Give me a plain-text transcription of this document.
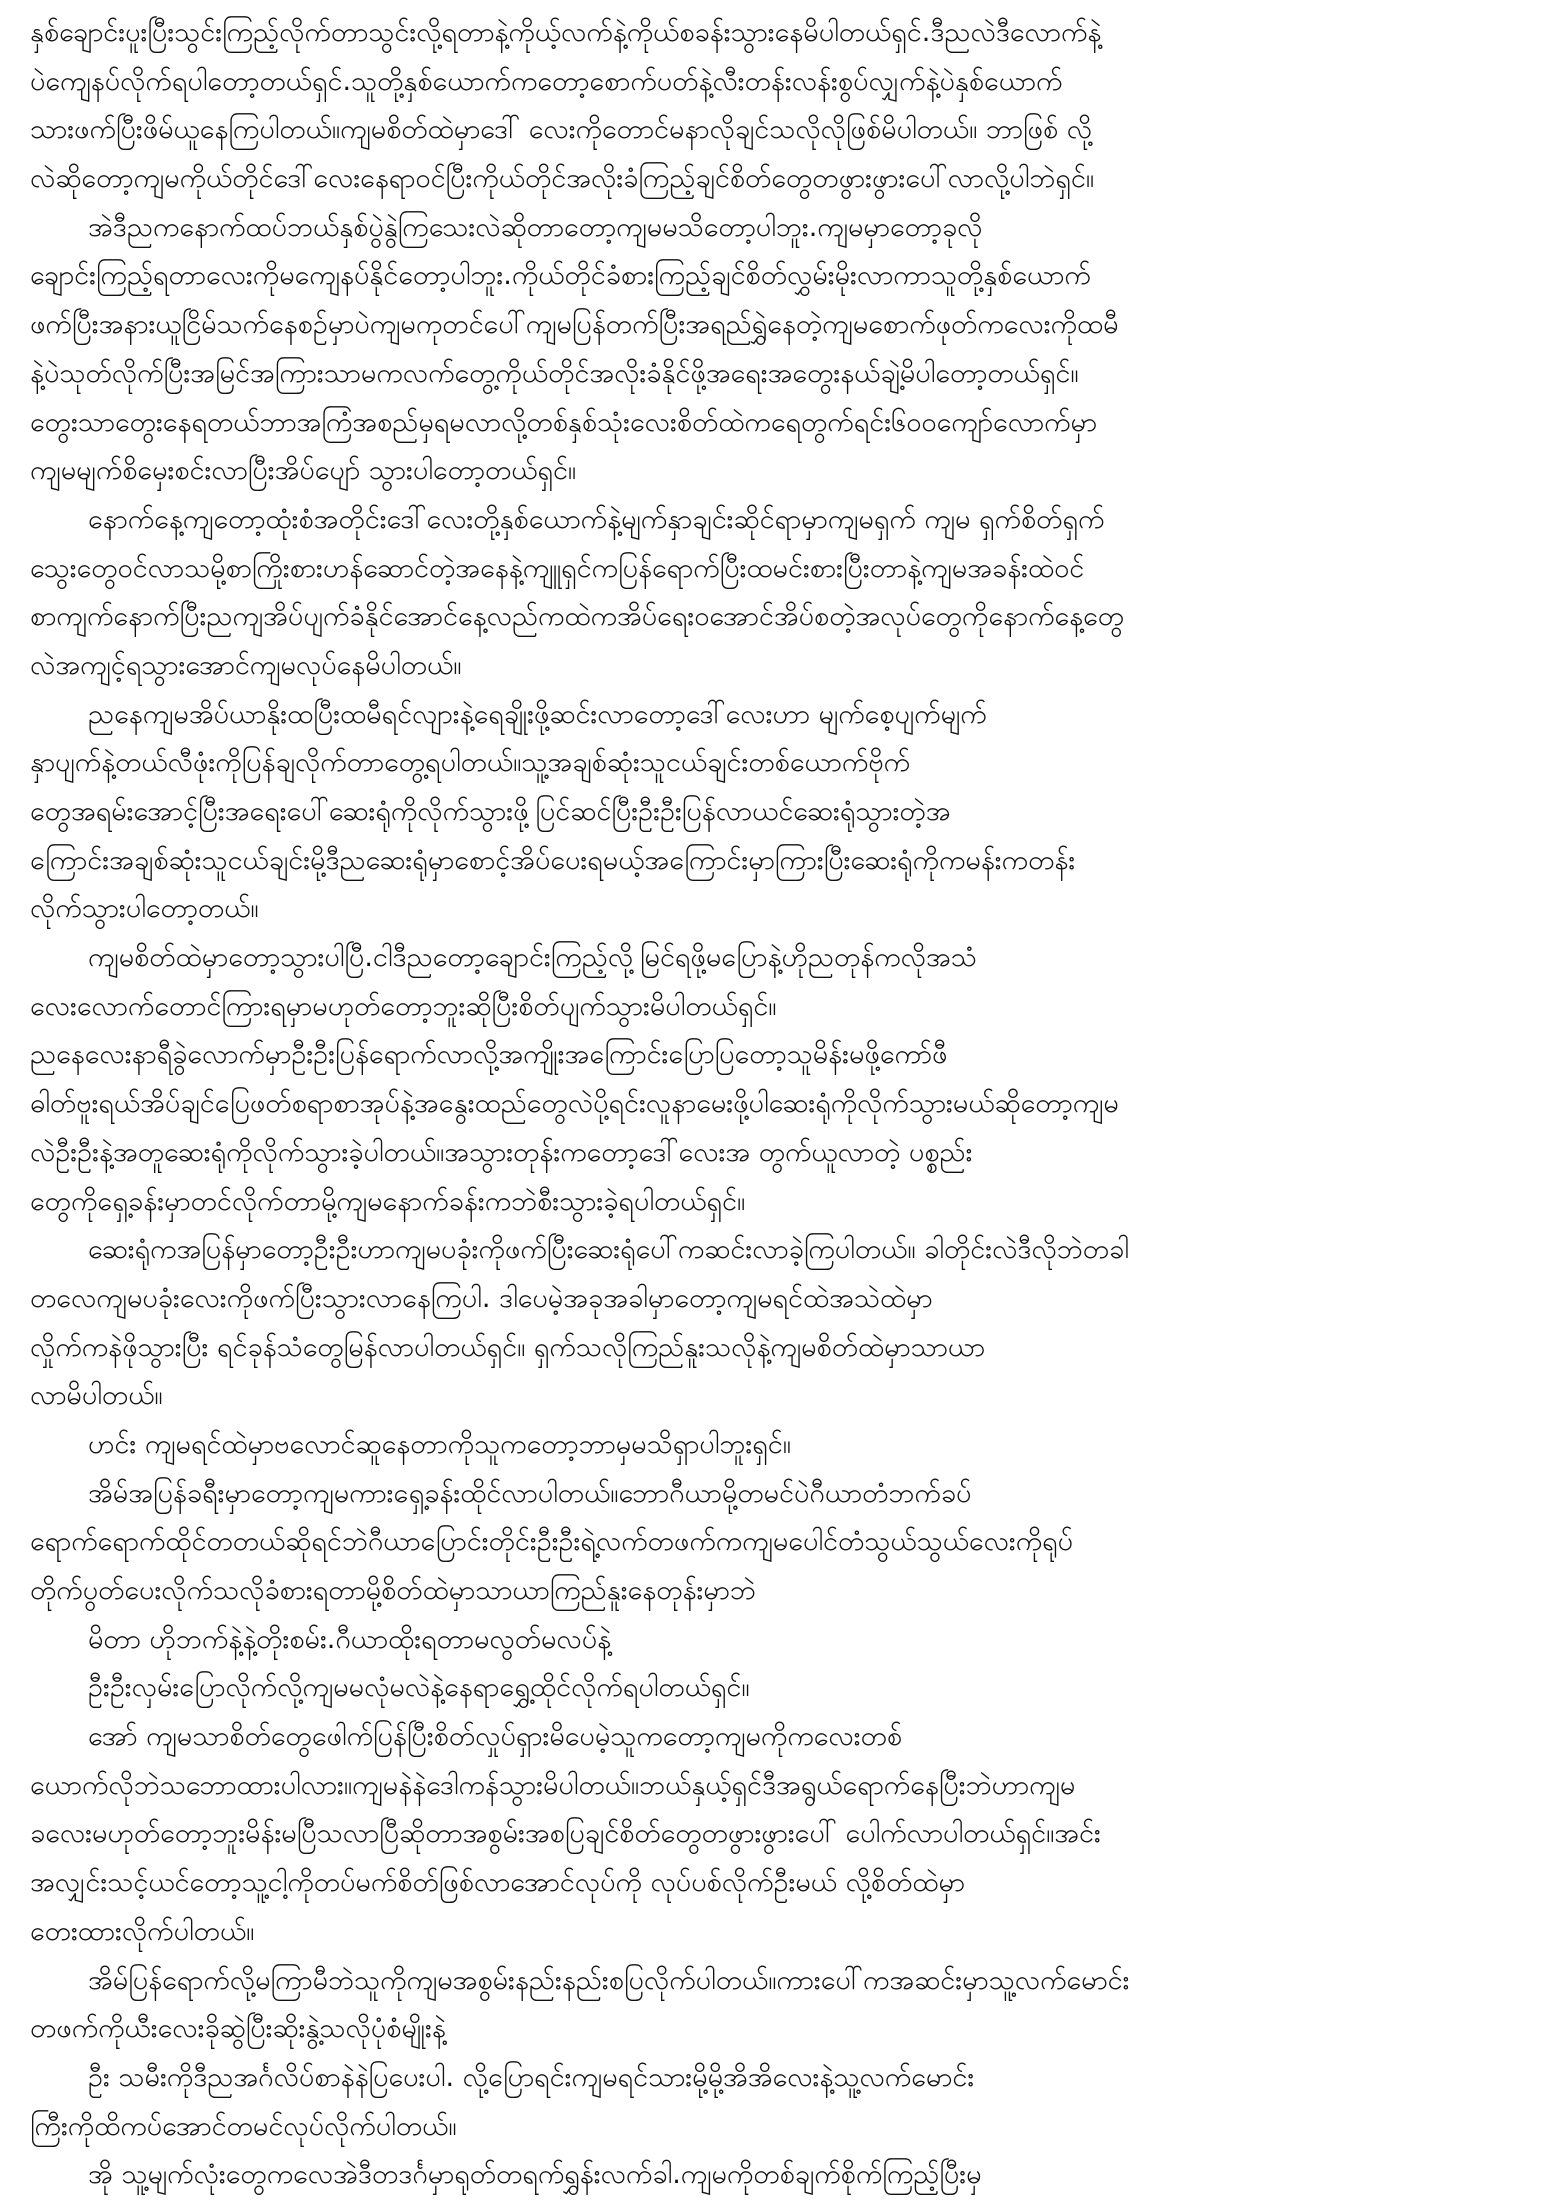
နှစ်ချောင်းပူးပြီးသွင်းကြည့်လိုက်တာသွင်းလို့ရတာနဲ့ကိုယ့်လက်နဲ့ကိုယ်စခန်းသွားနေမိပါတယ်ရှင်.ဒီညလဲဒီလောက်နဲ့
ပဲကျေနပ်လိုက်ရပါတော့တယ်ရှင်.သူတို့နှစ်ယောက်ကတော့စောက်ပတ်နဲ့လီးတန်းလန်းစွပ်လျှက်နဲ့ပဲနှစ်ယောက်
သားဖက်ပြီးဖိမ်ယူနေကြပါတယ်။ကျမစိတ်ထဲမှာဒေါ် လေးကိုတောင်မနာလိုချင်သလိုလိုဖြစ်မိပါတယ်။ ဘာဖြစ် လို့
လဲဆိုတော့ကျမကိုယ်တိုင်ဒေါ်လေးနေရာဝင်ပြီးကိုယ်တိုင်အလိုးခံကြည့်ချင်စိတ်တွေတဖွားဖွားပေါ်လာလို့ပါဘဲရှင်။
အဲဒီညကနောက်ထပ်ဘယ်နှစ်ပွဲနွဲကြသေးလဲဆိုတာတော့ကျမမသိတော့ပါဘူး.ကျမမှာတော့ခုလို
ချောင်းကြည့်ရတာလေးကိုမကျေနပ်နိုင်တော့ပါဘူး.ကိုယ်တိုင်ခံစားကြည့်ချင်စိတ်လွှမ်းမိုးလာကာသူတို့နှစ်ယောက်
ဖက်ပြီးအနားယူငြိမ်သက်နေစဉ်မှာပဲကျမကုတင်ပေါ်ကျမပြန်တက်ပြီးအရည်ရွှဲနေတဲ့ကျမစောက်ဖုတ်ကလေးကိုထမီ
နဲ့ပဲသုတ်လိုက်ပြီးအမြင်အကြားသာမကလက်တွေ့ကိုယ်တိုင်အလိုးခံနိုင်ဖို့အရေးအတွေးနယ်ချဲ့မိပါတော့တယ်ရှင်။
တွေးသာတွေးနေရတယ်ဘာအကြံအစည်မှရမလာလို့တစ်နှစ်သုံးလေးစိတ်ထဲကရေတွက်ရင်း၆၀၀ကျော်လောက်မှာ
ကျမမျက်စိမှေးစင်းလာပြီးအိပ်ပျော် သွားပါတော့တယ်ရှင်။
နောက်နေ့ကျတော့ထုံးစံအတိုင်းဒေါ်လေးတို့နှစ်ယောက်နဲ့မျက်နှာချင်းဆိုင်ရာမှာကျမရှက် ကျမ ရှက်စိတ်ရှက်
သွေးတွေဝင်လာသမို့စာကြိုးစားဟန်ဆောင်တဲ့အနေနဲ့ကျူရှင်ကပြန်ရောက်ပြီးထမင်းစားပြီးတာနဲ့ကျမအခန်းထဲဝင်
စာကျက်နောက်ပြီးညကျအိပ်ပျက်ခံနိုင်အောင်နေ့လည်ကထဲကအိပ်ရေးဝအောင်အိပ်စတဲ့အလုပ်တွေကိုနောက်နေ့တွေ
လဲအကျင့်ရသွားအောင်ကျမလုပ်နေမိပါတယ်။
ညနေကျမအိပ်ယာနိုးထပြီးထမီရင်လျားနဲ့ရေချိုးဖို့ဆင်းလာတော့ဒေါ်လေးဟာ မျက်စေ့ပျက်မျက်
နှာပျက်နဲ့တယ်လီဖုံးကိုပြန်ချလိုက်တာတွေ့ရပါတယ်။သူ့အချစ်ဆုံးသူငယ်ချင်းတစ်ယောက်ဗိုက်
တွေအရမ်းအောင့်ပြီးအရေးပေါ်ဆေးရုံကိုလိုက်သွားဖို့ပြင်ဆင်ပြီးဦးဦးပြန်လာယင်ဆေးရုံသွားတဲ့အ
ကြောင်းအချစ်ဆုံးသူငယ်ချင်းမို့ဒီညဆေးရုံမှာစောင့်အိပ်ပေးရမယ့်အကြောင်းမှာကြားပြီးဆေးရုံကိုကမန်းကတန်း
လိုက်သွားပါတော့တယ်။
ကျမစိတ်ထဲမှာတော့သွားပါပြီ.ငါဒီညတော့ချောင်းကြည့်လို့မြင်ရဖို့မပြောနဲ့ဟိုညတုန်ကလိုအသံ
လေးလောက်တောင်ကြားရမှာမဟုတ်တော့ဘူးဆိုပြီးစိတ်ပျက်သွားမိပါတယ်ရှင်။
ညနေလေးနာရီခွဲလောက်မှာဦးဦးပြန်ရောက်လာလို့အကျိုးအကြောင်းပြောပြတော့သူမိန်းမဖို့ကော်ဖီ
ဓါတ်ဗူးရယ်အိပ်ချင်ပြေဖတ်စရာစာအုပ်နဲ့အနွေးထည်တွေလဲပို့ရင်းလူနာမေးဖို့ပါဆေးရုံကိုလိုက်သွားမယ်ဆိုတော့ကျမ
လဲဦးဦးနဲ့အတူဆေးရုံကိုလိုက်သွားခဲ့ပါတယ်။အသွားတုန်းကတော့ဒေါ်လေးအ တွက်ယူလာတဲ့ ပစ္စည်း
တွေကိုရှေ့ခန်းမှာတင်လိုက်တာမို့ကျမနောက်ခန်းကဘဲစီးသွားခဲ့ရပါတယ်ရှင်။
ဆေးရုံကအပြန်မှာတော့ဦးဦးဟာကျမပခုံးကိုဖက်ပြီးဆေးရုံပေါ်ကဆင်းလာခဲ့ကြပါတယ်။ ခါတိုင်းလဲဒီလိုဘဲတခါ
တလေကျမပခုံးလေးကိုဖက်ပြီးသွားလာနေကြပါ. ဒါပေမဲ့အခုအခါမှာတော့ကျမရင်ထဲအသဲထဲမှာ
လှိုက်ကနဲဖိုသွားပြီး ရင်ခုန်သံတွေမြန်လာပါတယ်ရှင်။ ရှက်သလိုကြည်နူးသလိုနဲ့ကျမစိတ်ထဲမှာသာယာ
လာမိပါတယ်။
ဟင်း ကျမရင်ထဲမှာဗလောင်ဆူနေတာကိုသူကတော့ဘာမှမသိရှာပါဘူးရှင်။
အိမ်အပြန်ခရီးမှာတော့ကျမကားရှေ့ခန်းထိုင်လာပါတယ်။ဘောဂီယာမို့တမင်ပဲဂီယာတံဘက်ခပ်
ရောက်ရောက်ထိုင်တတယ်ဆိုရင်ဘဲဂီယာပြောင်းတိုင်းဦးဦးရဲ့လက်တဖက်ကကျမပေါင်တံသွယ်သွယ်လေးကိုရုပ်
တိုက်ပွတ်ပေးလိုက်သလိုခံစားရတာမို့စိတ်ထဲမှာသာယာကြည်နူးနေတုန်းမှာဘဲ
မိတာ ဟိုဘက်နဲ့နဲ့တိုးစမ်း.ဂီယာထိုးရတာမလွတ်မလပ်နဲ့
ဦးဦးလှမ်းပြောလိုက်လို့ကျမမလုံမလဲနဲ့နေရာရွှေ့ထိုင်လိုက်ရပါတယ်ရှင်။
အော် ကျမသာစိတ်တွေဖေါက်ပြန်ပြီးစိတ်လှုပ်ရှားမိပေမဲ့သူကတော့ကျမကိုကလေးတစ်
ယောက်လိုဘဲသဘောထားပါလား။ကျမနဲနဲဒေါကန်သွားမိပါတယ်။ဘယ်နှယ့်ရှင်ဒီအရွယ်ရောက်နေပြီးဘဲဟာကျမ
ခလေးမဟုတ်တော့ဘူးမိန်းမပြီသလာပြီဆိုတာအစွမ်းအစပြချင်စိတ်တွေတဖွားဖွားပေါ် ပေါက်လာပါတယ်ရှင်။အင်း
အလျှင်းသင့်ယင်တော့သူ့ငါ့ကိုတပ်မက်စိတ်ဖြစ်လာအောင်လုပ်ကို လုပ်ပစ်လိုက်ဦးမယ် လို့စိတ်ထဲမှာ
တေးထားလိုက်ပါတယ်။
အိမ်ပြန်ရောက်လို့မကြာမီဘဲသူကိုကျမအစွမ်းနည်းနည်းစပြလိုက်ပါတယ်။ကားပေါ်ကအဆင်းမှာသူ့လက်မောင်း
တဖက်ကိုယီးလေးခိုဆွဲပြီးဆိုးနွဲ့သလိုပုံစံမျိုးနဲ့
ဦး သမီးကိုဒီညအင်္ဂလိပ်စာနဲနဲပြပေးပါ. လို့ပြောရင်းကျမရင်သားမို့မို့အိအိလေးနဲ့သူ့လက်မောင်း
ကြီးကိုထိကပ်အောင်တမင်လုပ်လိုက်ပါတယ်။
အို သူ့မျက်လုံးတွေကလေအဲဒီတဒင်္ဂမှာရုတ်တရက်ရွှန်းလက်ခါ.ကျမကိုတစ်ချက်စိုက်ကြည့်ပြီးမှ
